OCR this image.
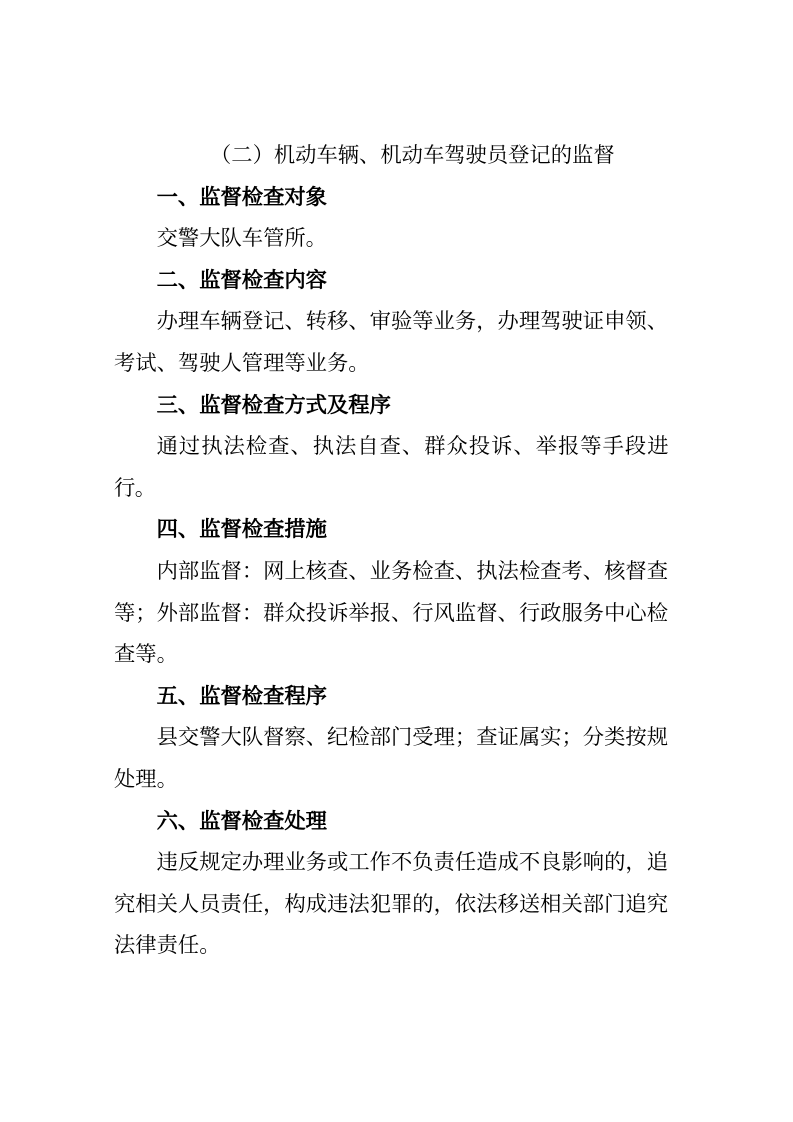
（二）机动车辆、机动车驾驶员登记的监督
一、监督检查对象

交警大队车管所。

二、监督检查内容

办理车辆登记、转移、审验等业务，办理驾驶证申领、考试、驾驶人管理等业务。

三、监督检查方式及程序

通过执法检查、执法自查、群众投诉、举报等手段进行。

四、监督检查措施

内部监督：网上核查、业务检查、执法检查考、核督查等；外部监督：群众投诉举报、行风监督、行政服务中心检查等。

五、监督检查程序

县交警大队督察、纪检部门受理；查证属实；分类按规处理。

六、监督检查处理

违反规定办理业务或工作不负责任造成不良影响的，追究相关人员责任，构成违法犯罪的，依法移送相关部门追究法律责任。
